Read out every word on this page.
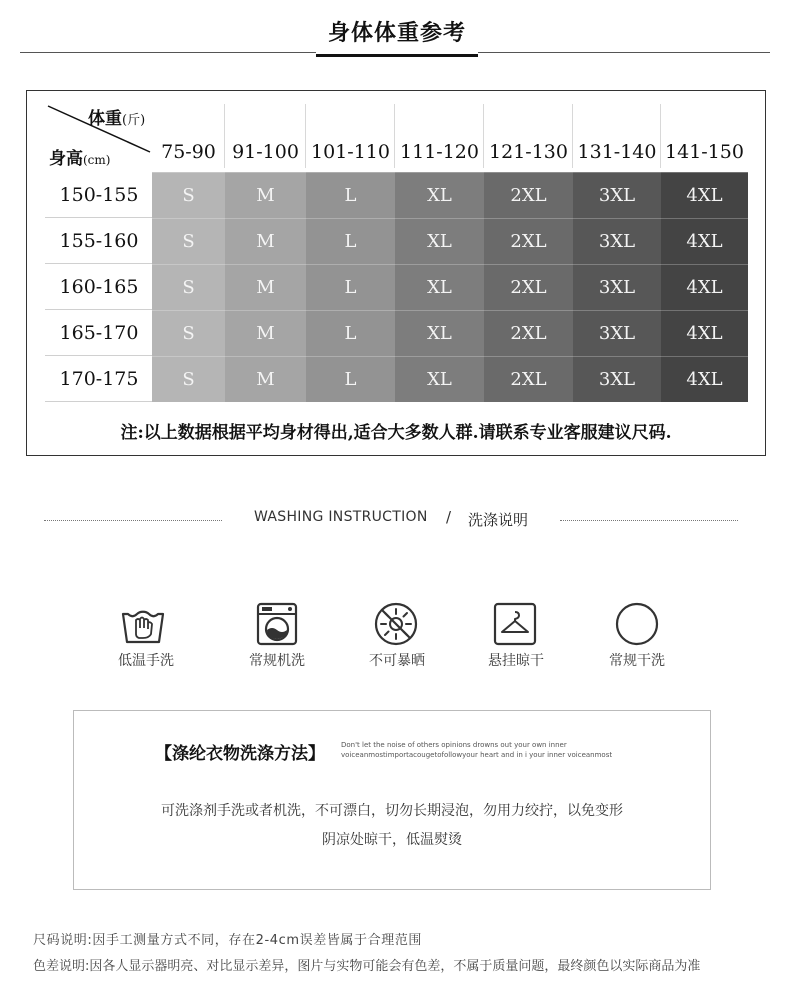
身体体重参考
体重(斤)
身高(cm)	75-90 91-100 101-110 111-120 121-130 131-140 141-150
150-155	S	M	L	XL	2XL	3XL	4XL
155-160	S	M	L	XL	2XL	3XL	4XL
160-165	S	M	L	XL	2XL	3XL	4XL
165-170	S	M	L	XL	2XL	3XL	4XL
170-175	S	M	L	XL	2XL	3XL	4XL
注:以上数据根据平均身材得出,适合大多数人群.请联系专业客服建议尺码.
WASHING INSTRUCTION / 洗涤说明
低温手洗	常规机洗	不可暴晒	悬挂晾干	常规干洗
【涤纶衣物洗涤方法】 Don't let the noise of others opinions drowns out your own inner
voiceanmostimportacougetofollowyour heart and in i your inner voiceanmost
可洗涤剂手洗或者机洗，不可漂白，切勿长期浸泡，勿用力绞拧，以免变形
阴凉处晾干，低温熨烫
尺码说明:因手工测量方式不同，存在2-4cm误差皆属于合理范围
色差说明:因各人显示器明亮、对比显示差异，图片与实物可能会有色差，不属于质量问题，最终颜色以实际商品为准
